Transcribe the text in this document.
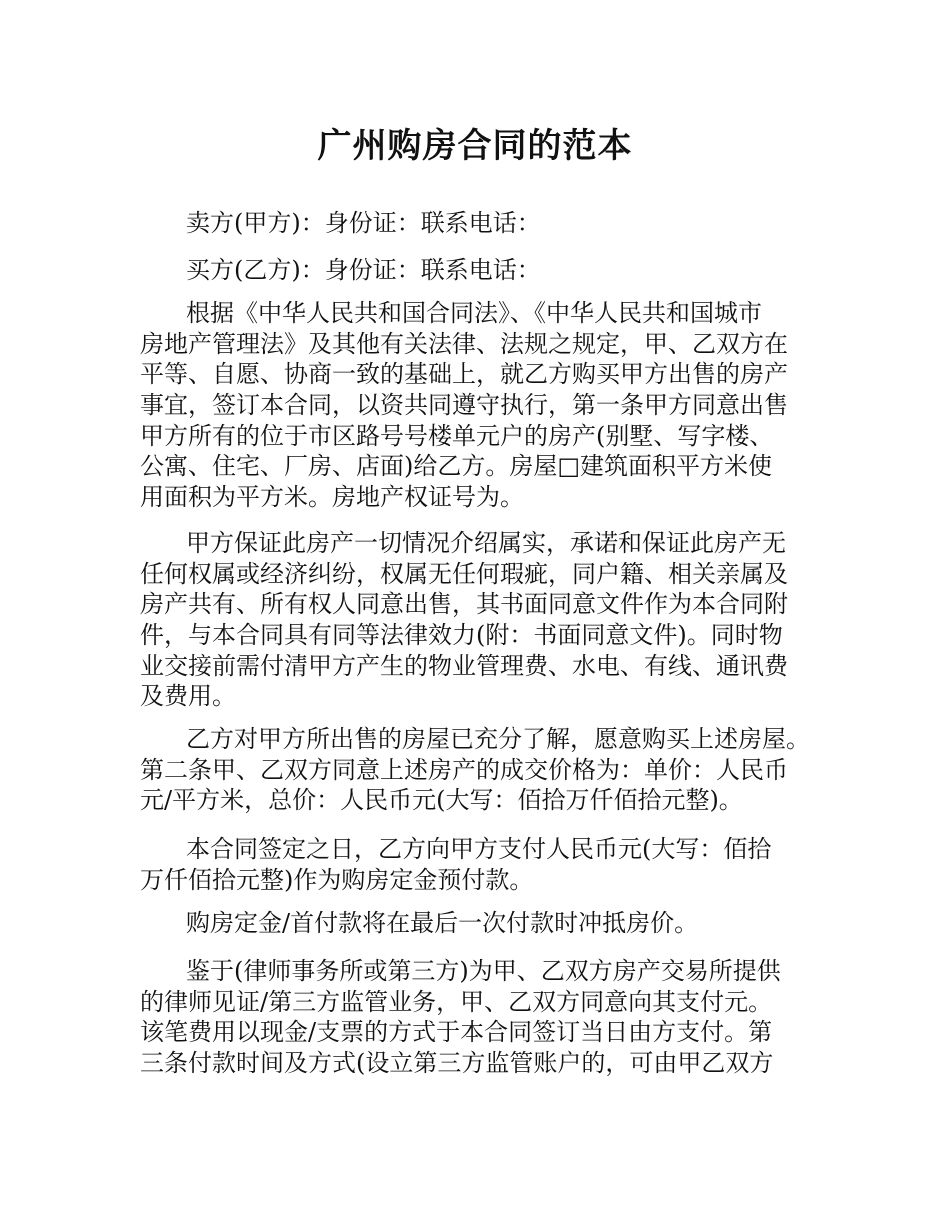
广州购房合同的范本
卖方(甲方)：身份证：联系电话：
买方(乙方)：身份证：联系电话：
根据《中华人民共和国合同法》、《中华人民共和国城市
房地产管理法》及其他有关法律、法规之规定，甲、乙双方在
平等、自愿、协商一致的基础上，就乙方购买甲方出售的房产
事宜，签订本合同，以资共同遵守执行，第一条甲方同意出售
甲方所有的位于市区路号号楼单元户的房产(别墅、写字楼、
公寓、住宅、厂房、店面)给乙方。房屋□建筑面积平方米使
用面积为平方米。房地产权证号为。
甲方保证此房产一切情况介绍属实，承诺和保证此房产无
任何权属或经济纠纷，权属无任何瑕疵，同户籍、相关亲属及
房产共有、所有权人同意出售，其书面同意文件作为本合同附
件，与本合同具有同等法律效力(附：书面同意文件)。同时物
业交接前需付清甲方产生的物业管理费、水电、有线、通讯费
及费用。
乙方对甲方所出售的房屋已充分了解，愿意购买上述房屋。
第二条甲、乙双方同意上述房产的成交价格为：单价：人民币
元/平方米，总价：人民币元(大写：佰拾万仟佰拾元整)。
本合同签定之日，乙方向甲方支付人民币元(大写：佰拾
万仟佰拾元整)作为购房定金预付款。
购房定金/首付款将在最后一次付款时冲抵房价。
鉴于(律师事务所或第三方)为甲、乙双方房产交易所提供
的律师见证/第三方监管业务，甲、乙双方同意向其支付元。
该笔费用以现金/支票的方式于本合同签订当日由方支付。第
三条付款时间及方式(设立第三方监管账户的，可由甲乙双方
